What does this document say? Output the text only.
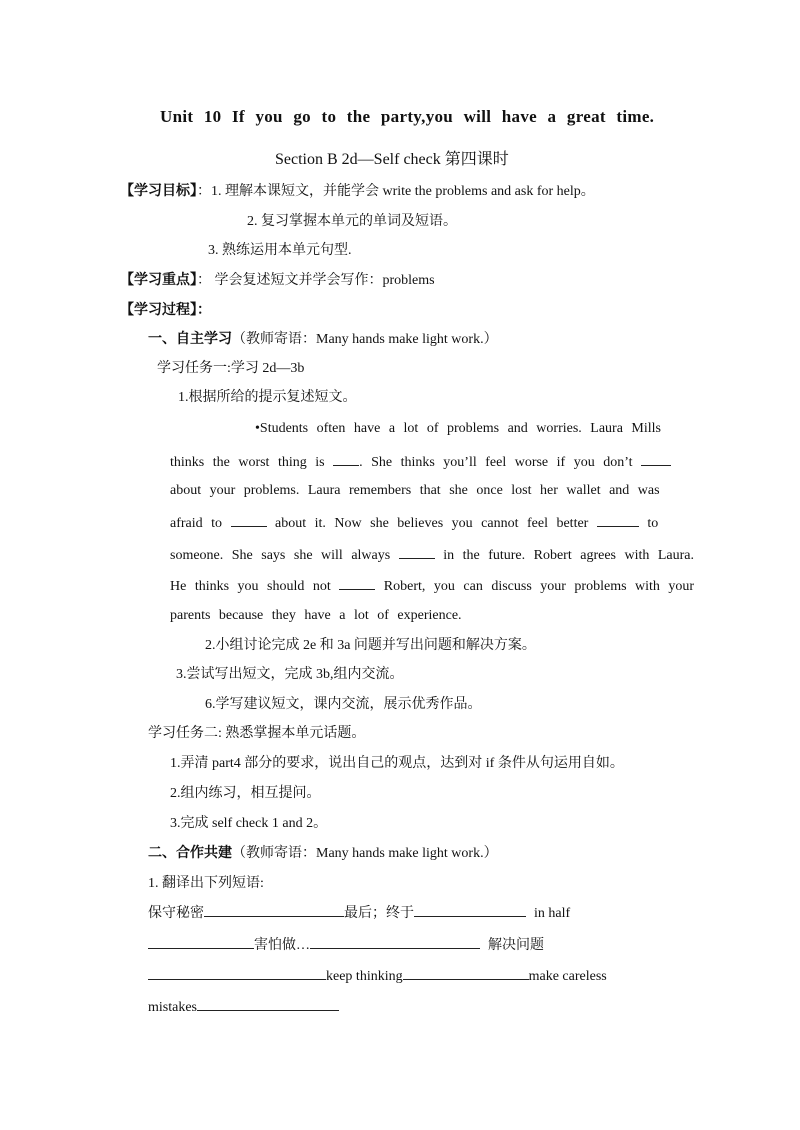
Unit 10 If you go to the party,you will have a great time.
Section B 2d—Self check 第四课时
【学习目标】：1. 理解本课短文，并能学会 write the problems and ask for help。
2. 复习掌握本单元的单词及短语。
3. 熟练运用本单元句型.
【学习重点】： 学会复述短文并学会写作：problems
【学习过程】：
一、自主学习（教师寄语：Many hands make light work.）
学习任务一:学习 2d—3b
1.根据所给的提示复述短文。
•Students often have a lot of problems and worries. Laura Mills
thinks the worst thing is . She thinks you’ll feel worse if you don’t
about your problems. Laura remembers that she once lost her wallet and was
afraid to	about it. Now she believes you cannot feel better	to
someone. She says she will always	in the future. Robert agrees with Laura.
He thinks you should not	Robert, you can discuss your problems with your
parents because they have a lot of experience.
2.小组讨论完成 2e 和 3a 问题并写出问题和解决方案。
3.尝试写出短文，完成 3b,组内交流。
6.学写建议短文，课内交流，展示优秀作品。
学习任务二: 熟悉掌握本单元话题。
1.弄清 part4 部分的要求，说出自己的观点，达到对 if 条件从句运用自如。
2.组内练习，相互提问。
3.完成 self check 1 and 2。
二、合作共建（教师寄语：Many hands make light work.）
1. 翻译出下列短语:
保守秘密	最后；终于	in half
害怕做…	解决问题
keep thinking	make careless
mistakes
